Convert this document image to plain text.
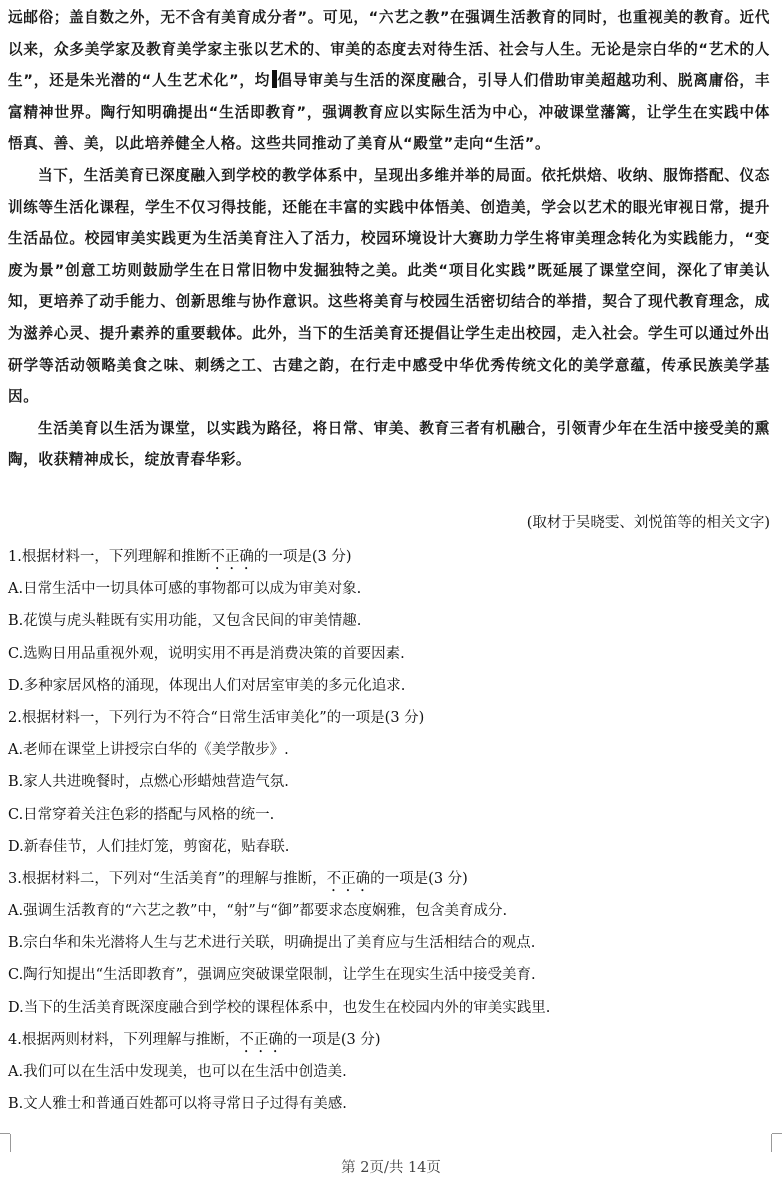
远邮俗；盖自数之外，无不含有美育成分者”。可见，“六艺之教”在强调生活教育的同时，也重视美的教育。近代以来，众多美学家及教育美学家主张以艺术的、审美的态度去对待生活、社会与人生。无论是宗白华的“艺术的人生”，还是朱光潜的“人生艺术化”，均 倡导审美与生活的深度融合，引导人们借助审美超越功利、脱离庸俗，丰富精神世界。陶行知明确提出“生活即教育”，强调教育应以实际生活为中心，冲破课堂藩篱，让学生在实践中体悟真、善、美，以此培养健全人格。这些共同推动了美育从“殿堂”走向“生活”。

当下，生活美育已深度融入到学校的教学体系中，呈现出多维并举的局面。依托烘焙、收纳、服饰搭配、仪态训练等生活化课程，学生不仅习得技能，还能在丰富的实践中体悟美、创造美，学会以艺术的眼光审视日常，提升生活品位。校园审美实践更为生活美育注入了活力，校园环境设计大赛助力学生将审美理念转化为实践能力，“变废为景”创意工坊则鼓励学生在日常旧物中发掘独特之美。此类“项目化实践”既延展了课堂空间，深化了审美认知，更培养了动手能力、创新思维与协作意识。这些将美育与校园生活密切结合的举措，契合了现代教育理念，成为滋养心灵、提升素养的重要载体。此外，当下的生活美育还提倡让学生走出校园，走入社会。学生可以通过外出研学等活动领略美食之味、刺绣之工、古建之韵，在行走中感受中华优秀传统文化的美学意蕴，传承民族美学基因。

生活美育以生活为课堂，以实践为路径，将日常、审美、教育三者有机融合，引领青少年在生活中接受美的熏陶，收获精神成长，绽放青春华彩。

(取材于吴晓雯、刘悦笛等的相关文字)
1.根据材料一，下列理解和推断不正确的一项是(3 分)
A.日常生活中一切具体可感的事物都可以成为审美对象.
B.花馍与虎头鞋既有实用功能，又包含民间的审美情趣.
C.选购日用品重视外观，说明实用不再是消费决策的首要因素.
D.多种家居风格的涌现，体现出人们对居室审美的多元化追求.
2.根据材料一，下列行为不符合“日常生活审美化”的一项是(3 分)
A.老师在课堂上讲授宗白华的《美学散步》.
B.家人共进晚餐时，点燃心形蜡烛营造气氛.
C.日常穿着关注色彩的搭配与风格的统一.
D.新春佳节，人们挂灯笼，剪窗花，贴春联.
3.根据材料二，下列对“生活美育”的理解与推断，不正确的一项是(3 分)
A.强调生活教育的“六艺之教”中，“射”与“御”都要求态度娴雅，包含美育成分.
B.宗白华和朱光潜将人生与艺术进行关联，明确提出了美育应与生活相结合的观点.
C.陶行知提出“生活即教育”，强调应突破课堂限制，让学生在现实生活中接受美育.
D.当下的生活美育既深度融合到学校的课程体系中，也发生在校园内外的审美实践里.
4.根据两则材料，下列理解与推断，不正确的一项是(3 分)
A.我们可以在生活中发现美，也可以在生活中创造美.
B.文人雅士和普通百姓都可以将寻常日子过得有美感.
第 2页/共 14页
